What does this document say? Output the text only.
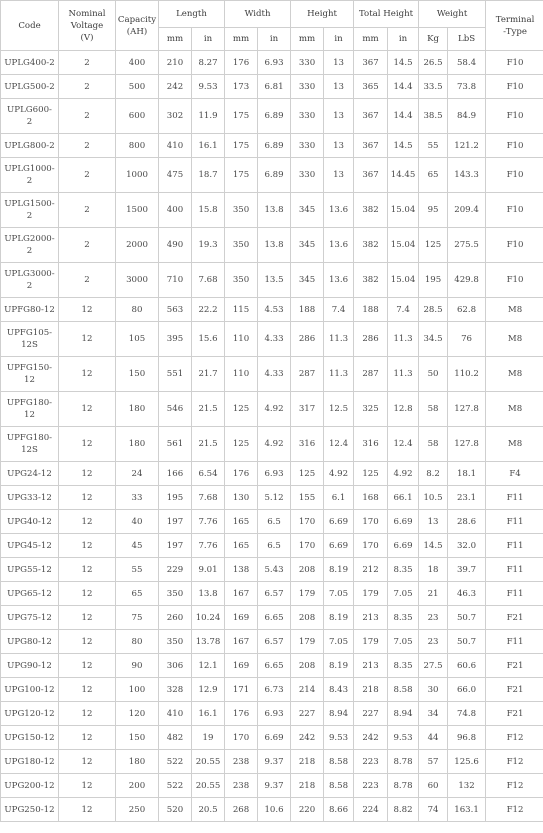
Code	Nominal
Voltage
(V)	Capacity
(AH)	Length		Width		Height		Total Height		Weight		Terminal
-Type
			mm	in	mm	in	mm	in	mm	in	Kg	LbS	
UPLG400-2	2	400	210	8.27	176	6.93	330	13	367	14.5	26.5	58.4	F10
UPLG500-2	2	500	242	9.53	173	6.81	330	13	365	14.4	33.5	73.8	F10
UPLG600-
2	2	600	302	11.9	175	6.89	330	13	367	14.4	38.5	84.9	F10
UPLG800-2	2	800	410	16.1	175	6.89	330	13	367	14.5	55	121.2	F10
UPLG1000-
2	2	1000	475	18.7	175	6.89	330	13	367	14.45	65	143.3	F10
UPLG1500-
2	2	1500	400	15.8	350	13.8	345	13.6	382	15.04	95	209.4	F10
UPLG2000-
2	2	2000	490	19.3	350	13.8	345	13.6	382	15.04	125	275.5	F10
UPLG3000-
2	2	3000	710	7.68	350	13.5	345	13.6	382	15.04	195	429.8	F10
UPFG80-12	12	80	563	22.2	115	4.53	188	7.4	188	7.4	28.5	62.8	M8
UPFG105-
12S	12	105	395	15.6	110	4.33	286	11.3	286	11.3	34.5	76	M8
UPFG150-
12	12	150	551	21.7	110	4.33	287	11.3	287	11.3	50	110.2	M8
UPFG180-
12	12	180	546	21.5	125	4.92	317	12.5	325	12.8	58	127.8	M8
UPFG180-
12S	12	180	561	21.5	125	4.92	316	12.4	316	12.4	58	127.8	M8
UPG24-12	12	24	166	6.54	176	6.93	125	4.92	125	4.92	8.2	18.1	F4
UPG33-12	12	33	195	7.68	130	5.12	155	6.1	168	66.1	10.5	23.1	F11
UPG40-12	12	40	197	7.76	165	6.5	170	6.69	170	6.69	13	28.6	F11
UPG45-12	12	45	197	7.76	165	6.5	170	6.69	170	6.69	14.5	32.0	F11
UPG55-12	12	55	229	9.01	138	5.43	208	8.19	212	8.35	18	39.7	F11
UPG65-12	12	65	350	13.8	167	6.57	179	7.05	179	7.05	21	46.3	F11
UPG75-12	12	75	260	10.24	169	6.65	208	8.19	213	8.35	23	50.7	F21
UPG80-12	12	80	350	13.78	167	6.57	179	7.05	179	7.05	23	50.7	F11
UPG90-12	12	90	306	12.1	169	6.65	208	8.19	213	8.35	27.5	60.6	F21
UPG100-12	12	100	328	12.9	171	6.73	214	8.43	218	8.58	30	66.0	F21
UPG120-12	12	120	410	16.1	176	6.93	227	8.94	227	8.94	34	74.8	F21
UPG150-12	12	150	482	19	170	6.69	242	9.53	242	9.53	44	96.8	F12
UPG180-12	12	180	522	20.55	238	9.37	218	8.58	223	8.78	57	125.6	F12
UPG200-12	12	200	522	20.55	238	9.37	218	8.58	223	8.78	60	132	F12
UPG250-12	12	250	520	20.5	268	10.6	220	8.66	224	8.82	74	163.1	F12
